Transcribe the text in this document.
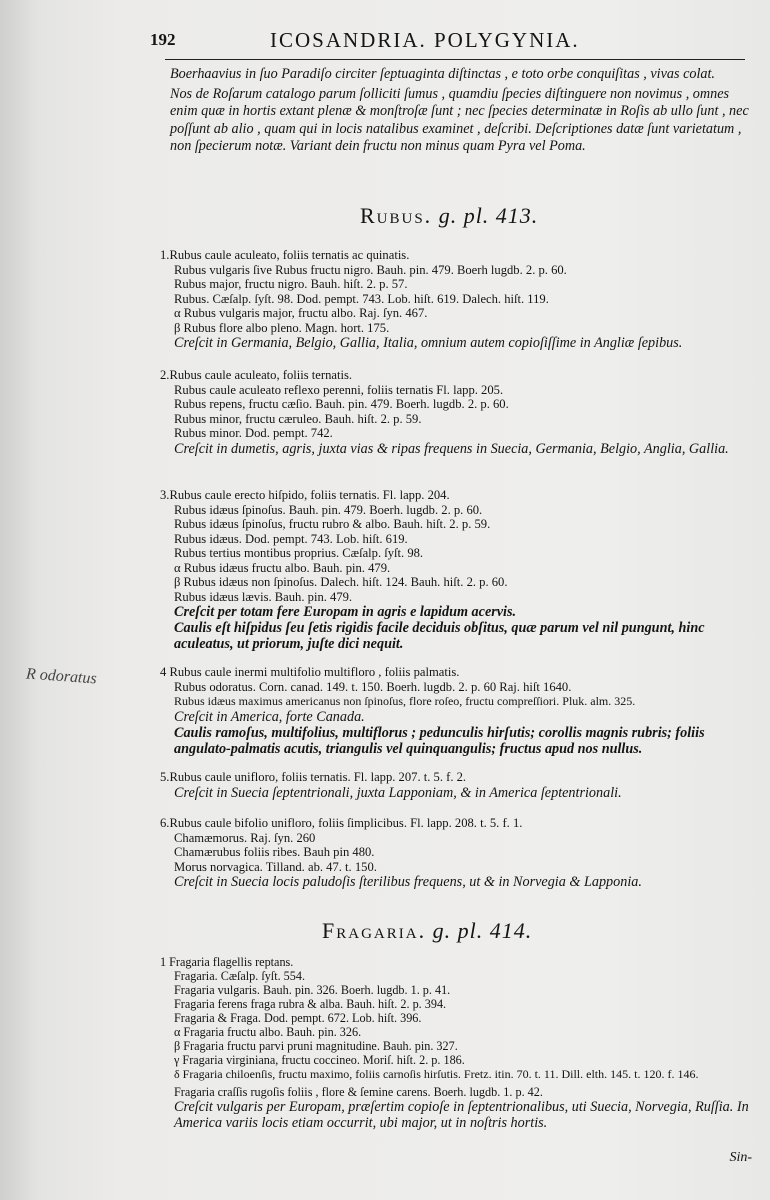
192	ICOSANDRIA. POLYGYNIA.

Boerhaavius in ſuo Paradiſo circiter ſeptuaginta diſtinctas , e toto orbe conquiſitas , vivas colat.

Nos de Roſarum catalogo parum ſolliciti ſumus , quamdiu ſpecies diſtinguere non novimus , omnes enim quæ in hortis extant plenæ & monſtroſæ ſunt ; nec ſpecies determinatæ in Roſis ab ullo ſunt , nec poſſunt ab alio , quam qui in locis natalibus examinet , deſcribi. Deſcriptiones datæ ſunt varietatum , non ſpecierum notæ. Variant dein fructu non minus quam Pyra vel Poma.

Rubus. g. pl. 413.
1.Rubus caule aculeato, foliis ternatis ac quinatis.
Rubus vulgaris ſive Rubus fructu nigro. Bauh. pin. 479. Boerh lugdb. 2. p. 60.
Rubus major, fructu nigro. Bauh. hiſt. 2. p. 57.
Rubus. Cæſalp. ſyſt. 98. Dod. pempt. 743. Lob. hiſt. 619. Dalech. hiſt. 119.
α Rubus vulgaris major, fructu albo. Raj. ſyn. 467.
β Rubus flore albo pleno. Magn. hort. 175.
Creſcit in Germania, Belgio, Gallia, Italia, omnium autem copioſiſſime in Angliæ ſepibus.
2.Rubus caule aculeato, foliis ternatis.
Rubus caule aculeato reflexo perenni, foliis ternatis Fl. lapp. 205.
Rubus repens, fructu cæſio. Bauh. pin. 479. Boerh. lugdb. 2. p. 60.
Rubus minor, fructu cæruleo. Bauh. hiſt. 2. p. 59.
Rubus minor. Dod. pempt. 742.
Creſcit in dumetis, agris, juxta vias & ripas frequens in Suecia, Germania, Belgio, Anglia, Gallia.
3.Rubus caule erecto hiſpido, foliis ternatis. Fl. lapp. 204.
Rubus idæus ſpinoſus. Bauh. pin. 479. Boerh. lugdb. 2. p. 60.
Rubus idæus ſpinoſus, fructu rubro & albo. Bauh. hiſt. 2. p. 59.
Rubus idæus. Dod. pempt. 743. Lob. hiſt. 619.
Rubus tertius montibus proprius. Cæſalp. ſyſt. 98.
α Rubus idæus fructu albo. Bauh. pin. 479.
β Rubus idæus non ſpinoſus. Dalech. hiſt. 124. Bauh. hiſt. 2. p. 60.
Rubus idæus lævis. Bauh. pin. 479.
Creſcit per totam fere Europam in agris e lapidum acervis.
Caulis eſt hiſpidus ſeu ſetis rigidis facile deciduis obſitus, quæ parum vel nil pungunt, hinc aculeatus, ut priorum, juſte dici nequit.
R odoratus	4 Rubus caule inermi multifolio multifloro , foliis palmatis.
Rubus odoratus. Corn. canad. 149. t. 150. Boerh. lugdb. 2. p. 60 Raj. hiſt 1640.
Rubus idæus maximus americanus non ſpinoſus, flore roſeo, fructu compreſſiori. Pluk. alm. 325.
Creſcit in America, forte Canada.
Caulis ramoſus, multifolius, multiflorus ; pedunculis hirſutis; corollis magnis rubris; foliis angulato-palmatis acutis, triangulis vel quinquangulis; fructus apud nos nullus.
5.Rubus caule unifloro, foliis ternatis. Fl. lapp. 207. t. 5. f. 2.
Creſcit in Suecia ſeptentrionali, juxta Lapponiam, & in America ſeptentrionali.
6.Rubus caule bifolio unifloro, foliis ſimplicibus. Fl. lapp. 208. t. 5. f. 1.
Chamæmorus. Raj. ſyn. 260
Chamærubus foliis ribes. Bauh pin 480.
Morus norvagica. Tilland. ab. 47. t. 150.
Creſcit in Suecia locis paludoſis ſterilibus frequens, ut & in Norvegia & Lapponia.
Fragaria. g. pl. 414.
1 Fragaria flagellis reptans.
Fragaria. Cæſalp. ſyſt. 554.
Fragaria vulgaris. Bauh. pin. 326. Boerh. lugdb. 1. p. 41.
Fragaria ferens fraga rubra & alba. Bauh. hiſt. 2. p. 394.
Fragaria & Fraga. Dod. pempt. 672. Lob. hiſt. 396.
α Fragaria fructu albo. Bauh. pin. 326.
β Fragaria fructu parvi pruni magnitudine. Bauh. pin. 327.
γ Fragaria virginiana, fructu coccineo. Moriſ. hiſt. 2. p. 186.
δ Fragaria chiloenſis, fructu maximo, foliis carnoſis hirſutis. Fretz. itin. 70. t. 11. Dill. elth. 145. t. 120. f. 146.
Fragaria craſſis rugoſis foliis , flore & ſemine carens. Boerh. lugdb. 1. p. 42.
Creſcit vulgaris per Europam, præſertim copioſe in ſeptentrionalibus, uti Suecia, Norvegia, Ruſſia. In America variis locis etiam occurrit, ubi major, ut in noſtris hortis.
Sin-
